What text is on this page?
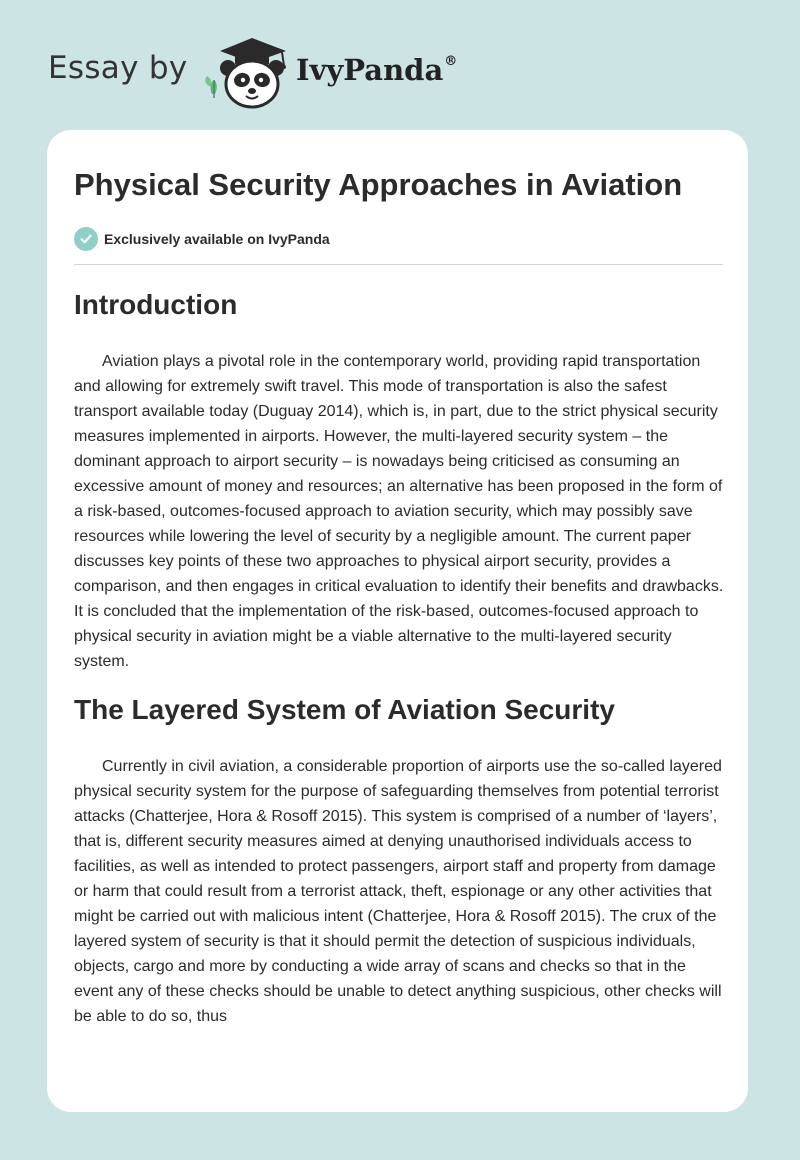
Essay by	IvyPanda®
Physical Security Approaches in Aviation
Exclusively available on IvyPanda
Introduction

Aviation plays a pivotal role in the contemporary world, providing rapid transportation and allowing for extremely swift travel. This mode of transportation is also the safest transport available today (Duguay 2014), which is, in part, due to the strict physical security measures implemented in airports. However, the multi-layered security system – the dominant approach to airport security – is nowadays being criticised as consuming an excessive amount of money and resources; an alternative has been proposed in the form of a risk-based, outcomes-focused approach to aviation security, which may possibly save resources while lowering the level of security by a negligible amount. The current paper discusses key points of these two approaches to physical airport security, provides a comparison, and then engages in critical evaluation to identify their benefits and drawbacks. It is concluded that the implementation of the risk-based, outcomes-focused approach to physical security in aviation might be a viable alternative to the multi-layered security system.

The Layered System of Aviation Security

Currently in civil aviation, a considerable proportion of airports use the so-called layered physical security system for the purpose of safeguarding themselves from potential terrorist attacks (Chatterjee, Hora & Rosoff 2015). This system is comprised of a number of ‘layers’, that is, different security measures aimed at denying unauthorised individuals access to facilities, as well as intended to protect passengers, airport staff and property from damage or harm that could result from a terrorist attack, theft, espionage or any other activities that might be carried out with malicious intent (Chatterjee, Hora & Rosoff 2015). The crux of the layered system of security is that it should permit the detection of suspicious individuals, objects, cargo and more by conducting a wide array of scans and checks so that in the event any of these checks should be unable to detect anything suspicious, other checks will be able to do so, thus
